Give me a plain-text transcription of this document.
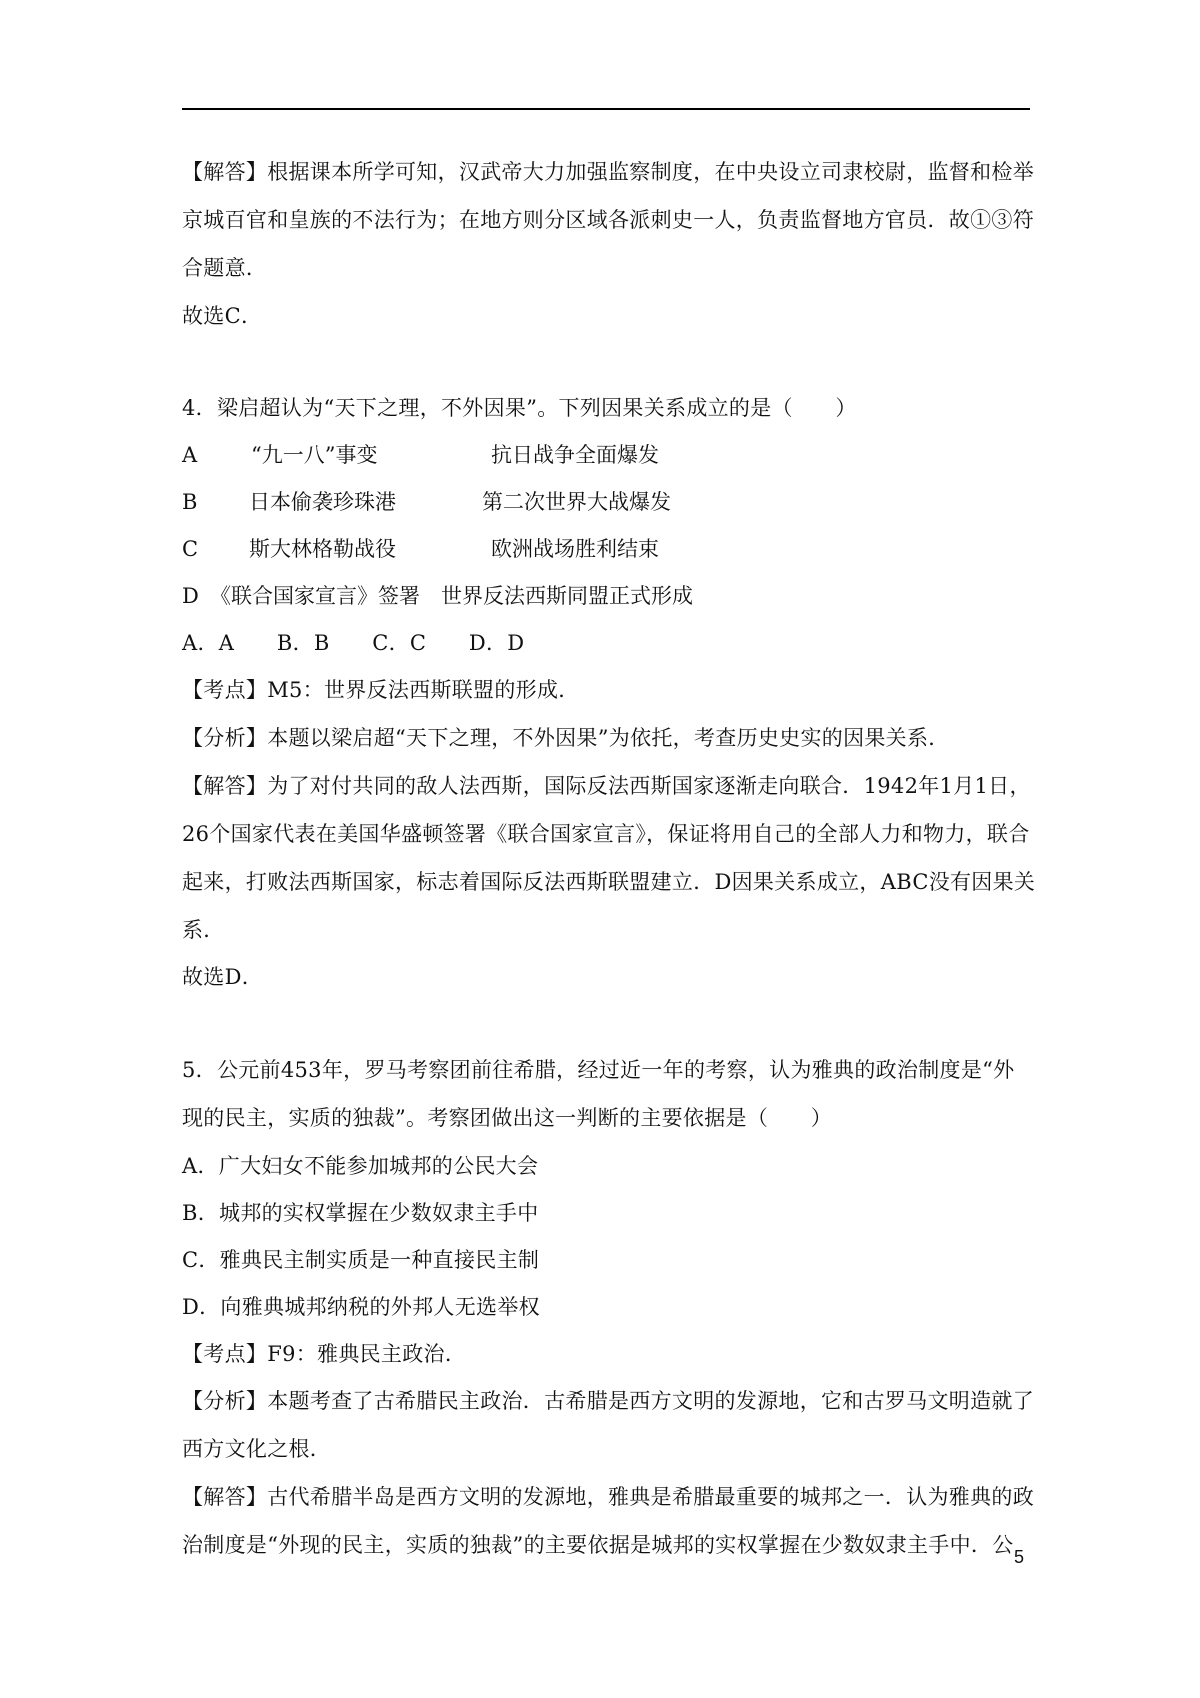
【解答】根据课本所学可知，汉武帝大力加强监察制度，在中央设立司隶校尉，监督和检举
京城百官和皇族的不法行为；在地方则分区域各派刺史一人，负责监督地方官员．故①③符
合题意．
故选C．
4．梁启超认为“天下之理，不外因果”。下列因果关系成立的是（　　）
A	“九一八”事变	抗日战争全面爆发
B 日本偷袭珍珠港	第二次世界大战爆发
C 斯大林格勒战役	欧洲战场胜利结束
D 《联合国家宣言》签署 世界反法西斯同盟正式形成
A．A　　B．B　　C．C　　D．D
【考点】M5：世界反法西斯联盟的形成．
【分析】本题以梁启超“天下之理，不外因果”为依托，考查历史史实的因果关系．
【解答】为了对付共同的敌人法西斯，国际反法西斯国家逐渐走向联合．1942年1月1日，
26个国家代表在美国华盛顿签署《联合国家宣言》，保证将用自己的全部人力和物力，联合
起来，打败法西斯国家，标志着国际反法西斯联盟建立．D因果关系成立，ABC没有因果关
系．
故选D．
5．公元前453年，罗马考察团前往希腊，经过近一年的考察，认为雅典的政治制度是“外
现的民主，实质的独裁”。考察团做出这一判断的主要依据是（　　）
A．广大妇女不能参加城邦的公民大会
B．城邦的实权掌握在少数奴隶主手中
C．雅典民主制实质是一种直接民主制
D．向雅典城邦纳税的外邦人无选举权
【考点】F9：雅典民主政治．
【分析】本题考查了古希腊民主政治．古希腊是西方文明的发源地，它和古罗马文明造就了
西方文化之根．
【解答】古代希腊半岛是西方文明的发源地，雅典是希腊最重要的城邦之一．认为雅典的政
治制度是“外现的民主，实质的独裁”的主要依据是城邦的实权掌握在少数奴隶主手中．公 5
